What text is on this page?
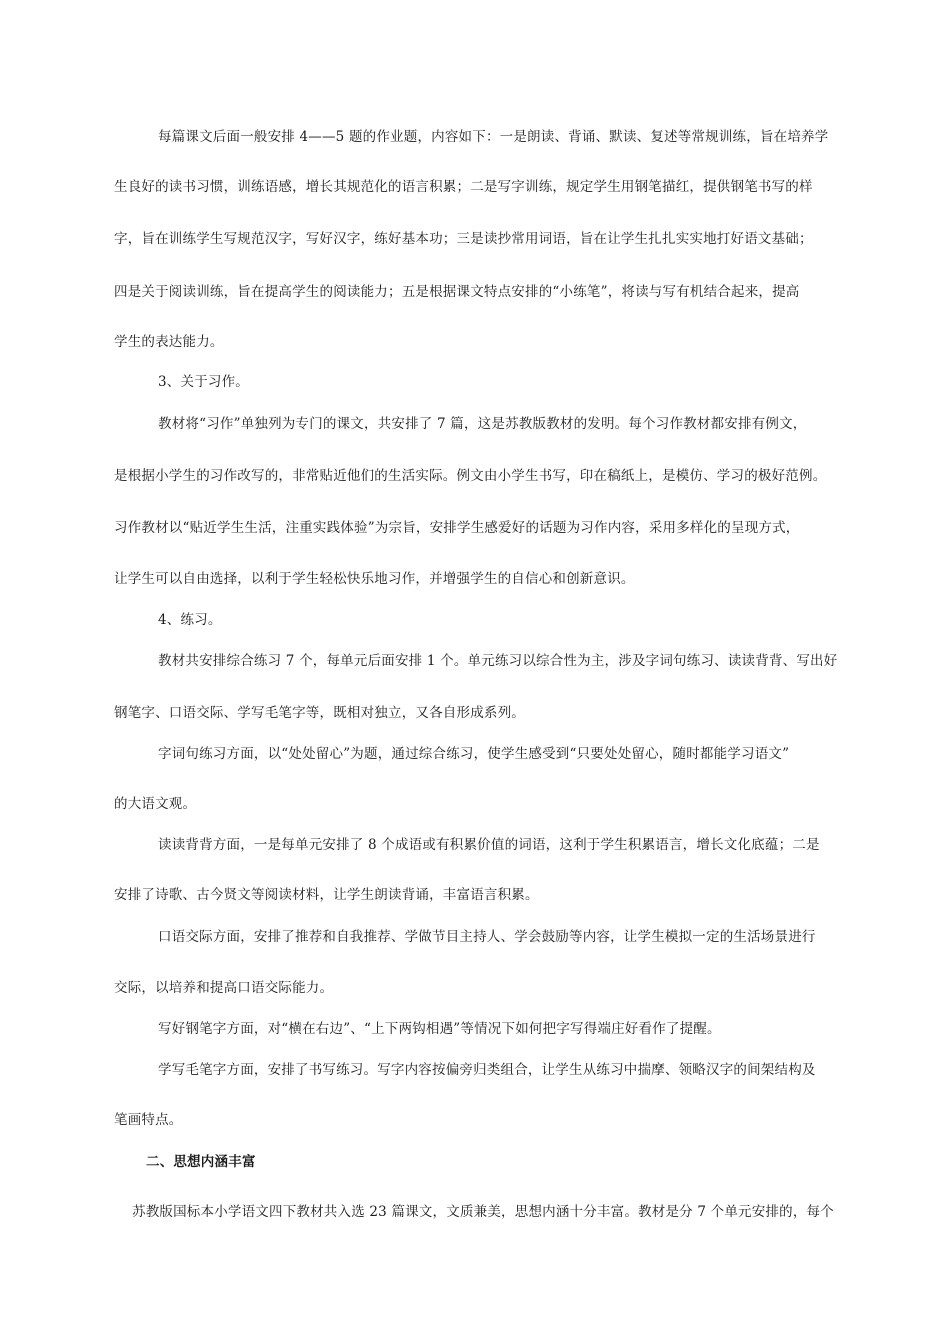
每篇课文后面一般安排 4——5 题的作业题，内容如下：一是朗读、背诵、默读、复述等常规训练，旨在培养学
生良好的读书习惯，训练语感，增长其规范化的语言积累；二是写字训练，规定学生用钢笔描红，提供钢笔书写的样
字，旨在训练学生写规范汉字，写好汉字，练好基本功；三是读抄常用词语，旨在让学生扎扎实实地打好语文基础；
四是关于阅读训练，旨在提高学生的阅读能力；五是根据课文特点安排的“小练笔”，将读与写有机结合起来，提高
学生的表达能力。
3、关于习作。
教材将“习作”单独列为专门的课文，共安排了 7 篇，这是苏教版教材的发明。每个习作教材都安排有例文，
是根据小学生的习作改写的，非常贴近他们的生活实际。例文由小学生书写，印在稿纸上，是模仿、学习的极好范例。
习作教材以“贴近学生生活，注重实践体验”为宗旨，安排学生感爱好的话题为习作内容，采用多样化的呈现方式，
让学生可以自由选择，以利于学生轻松快乐地习作，并增强学生的自信心和创新意识。
4、练习。
教材共安排综合练习 7 个，每单元后面安排 1 个。单元练习以综合性为主，涉及字词句练习、读读背背、写出好
钢笔字、口语交际、学写毛笔字等，既相对独立，又各自形成系列。
字词句练习方面，以“处处留心”为题，通过综合练习，使学生感受到“只要处处留心，随时都能学习语文”
的大语文观。
读读背背方面，一是每单元安排了 8 个成语或有积累价值的词语，这利于学生积累语言，增长文化底蕴；二是
安排了诗歌、古今贤文等阅读材料，让学生朗读背诵，丰富语言积累。
口语交际方面，安排了推荐和自我推荐、学做节目主持人、学会鼓励等内容，让学生模拟一定的生活场景进行
交际，以培养和提高口语交际能力。
写好钢笔字方面，对“横在右边”、“上下两钩相遇”等情况下如何把字写得端庄好看作了提醒。
学写毛笔字方面，安排了书写练习。写字内容按偏旁归类组合，让学生从练习中揣摩、领略汉字的间架结构及
笔画特点。
二、思想内涵丰富
苏教版国标本小学语文四下教材共入选 23 篇课文，文质兼美，思想内涵十分丰富。教材是分 7 个单元安排的，每个
